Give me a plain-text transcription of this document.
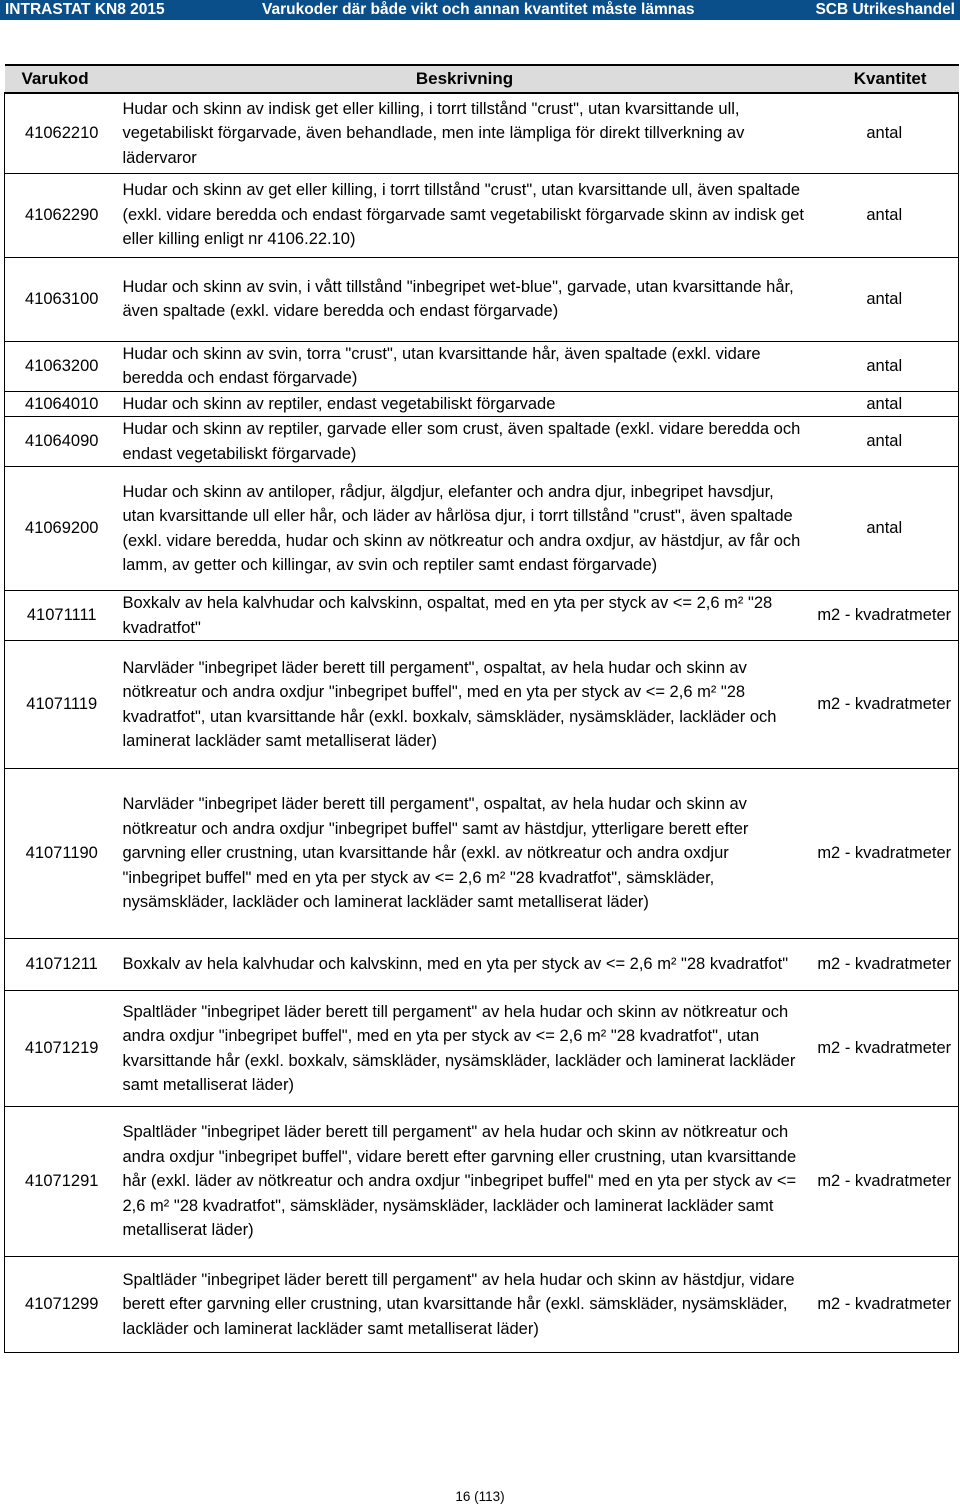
INTRASTAT KN8 2015	Varukoder där både vikt och annan kvantitet måste lämnas	SCB Utrikeshandel
Varukod	Beskrivning	Kvantitet
41062210	Hudar och skinn av indisk get eller killing, i torrt tillstånd "crust", utan kvarsittande ull, vegetabiliskt förgarvade, även behandlade, men inte lämpliga för direkt tillverkning av lädervaror	antal
41062290	Hudar och skinn av get eller killing, i torrt tillstånd "crust", utan kvarsittande ull, även spaltade (exkl. vidare beredda och endast förgarvade samt vegetabiliskt förgarvade skinn av indisk get eller killing enligt nr 4106.22.10)	antal
41063100	Hudar och skinn av svin, i vått tillstånd "inbegripet wet-blue", garvade, utan kvarsittande hår, även spaltade (exkl. vidare beredda och endast förgarvade)	antal
41063200	Hudar och skinn av svin, torra "crust", utan kvarsittande hår, även spaltade (exkl. vidare beredda och endast förgarvade)	antal
41064010	Hudar och skinn av reptiler, endast vegetabiliskt förgarvade	antal
41064090	Hudar och skinn av reptiler, garvade eller som crust, även spaltade (exkl. vidare beredda och endast vegetabiliskt förgarvade)	antal
41069200	Hudar och skinn av antiloper, rådjur, älgdjur, elefanter och andra djur, inbegripet havsdjur, utan kvarsittande ull eller hår, och läder av hårlösa djur, i torrt tillstånd "crust", även spaltade (exkl. vidare beredda, hudar och skinn av nötkreatur och andra oxdjur, av hästdjur, av får och lamm, av getter och killingar, av svin och reptiler samt endast förgarvade)	antal
41071111	Boxkalv av hela kalvhudar och kalvskinn, ospaltat, med en yta per styck av <= 2,6 m² "28 kvadratfot"	m2 - kvadratmeter
41071119	Narvläder "inbegripet läder berett till pergament", ospaltat, av hela hudar och skinn av nötkreatur och andra oxdjur "inbegripet buffel", med en yta per styck av <= 2,6 m² "28 kvadratfot", utan kvarsittande hår (exkl. boxkalv, sämskläder, nysämskläder, lackläder och laminerat lackläder samt metalliserat läder)	m2 - kvadratmeter
41071190	Narvläder "inbegripet läder berett till pergament", ospaltat, av hela hudar och skinn av nötkreatur och andra oxdjur "inbegripet buffel" samt av hästdjur, ytterligare berett efter garvning eller crustning, utan kvarsittande hår (exkl. av nötkreatur och andra oxdjur "inbegripet buffel" med en yta per styck av <= 2,6 m² "28 kvadratfot", sämskläder, nysämskläder, lackläder och laminerat lackläder samt metalliserat läder)	m2 - kvadratmeter
41071211	Boxkalv av hela kalvhudar och kalvskinn, med en yta per styck av <= 2,6 m² "28 kvadratfot"	m2 - kvadratmeter
41071219	Spaltläder "inbegripet läder berett till pergament" av hela hudar och skinn av nötkreatur och andra oxdjur "inbegripet buffel", med en yta per styck av <= 2,6 m² "28 kvadratfot", utan kvarsittande hår (exkl. boxkalv, sämskläder, nysämskläder, lackläder och laminerat lackläder samt metalliserat läder)	m2 - kvadratmeter
41071291	Spaltläder "inbegripet läder berett till pergament" av hela hudar och skinn av nötkreatur och andra oxdjur "inbegripet buffel", vidare berett efter garvning eller crustning, utan kvarsittande hår (exkl. läder av nötkreatur och andra oxdjur "inbegripet buffel" med en yta per styck av <= 2,6 m² "28 kvadratfot", sämskläder, nysämskläder, lackläder och laminerat lackläder samt metalliserat läder)	m2 - kvadratmeter
41071299	Spaltläder "inbegripet läder berett till pergament" av hela hudar och skinn av hästdjur, vidare berett efter garvning eller crustning, utan kvarsittande hår (exkl. sämskläder, nysämskläder, lackläder och laminerat lackläder samt metalliserat läder)	m2 - kvadratmeter
16 (113)
